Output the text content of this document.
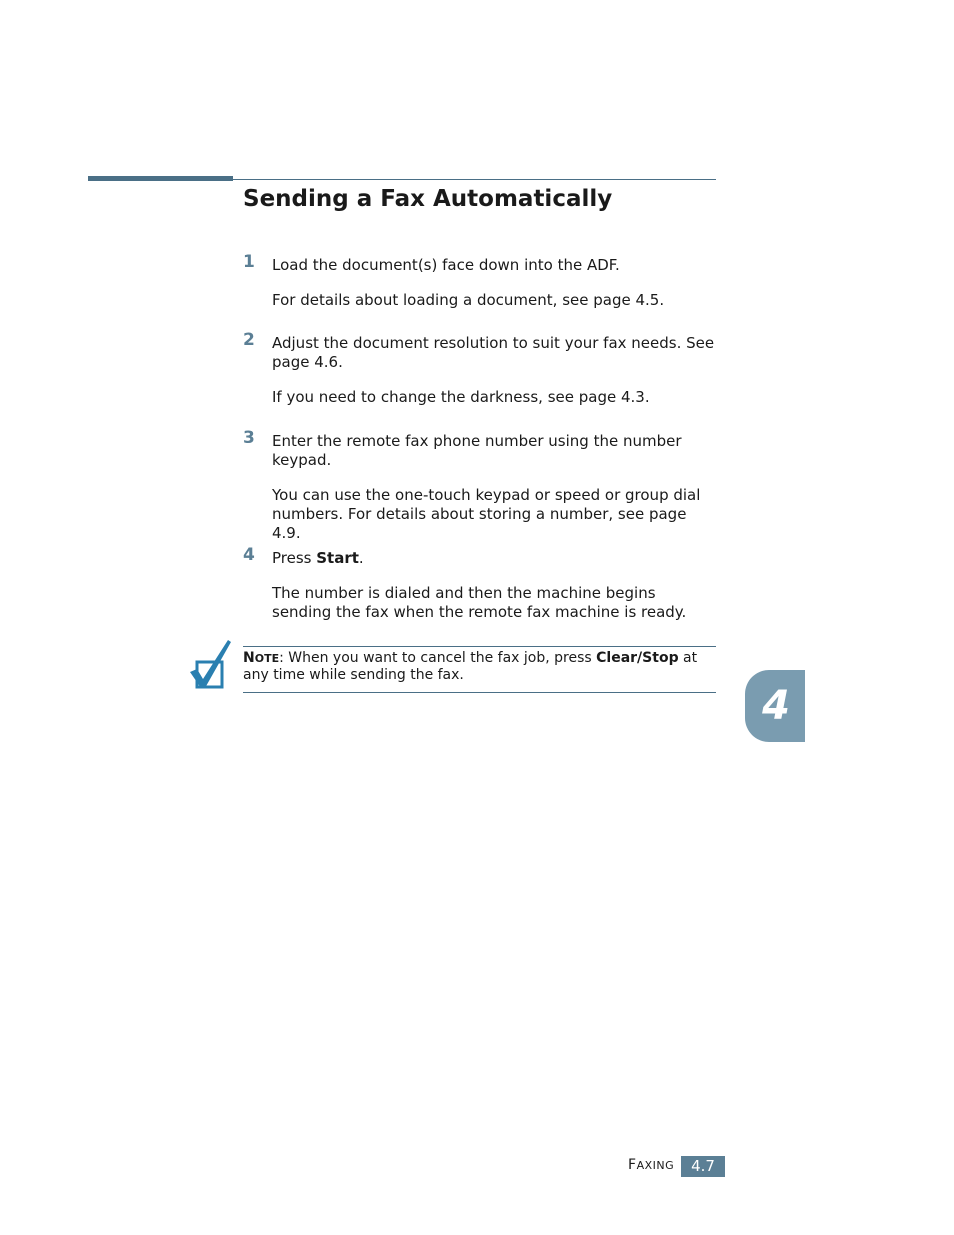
Sending a Fax Automatically
1	Load the document(s) face down into the ADF.

For details about loading a document, see page 4.5.

2	Adjust the document resolution to suit your fax needs. See page 4.6.

If you need to change the darkness, see page 4.3.

3	Enter the remote fax phone number using the number keypad.

You can use the one-touch keypad or speed or group dial numbers. For details about storing a number, see page 4.9.

4	Press Start.

The number is dialed and then the machine begins sending the fax when the remote fax machine is ready.

NOTE: When you want to cancel the fax job, press Clear/Stop at any time while sending the fax.
4
FAXING	4.7
